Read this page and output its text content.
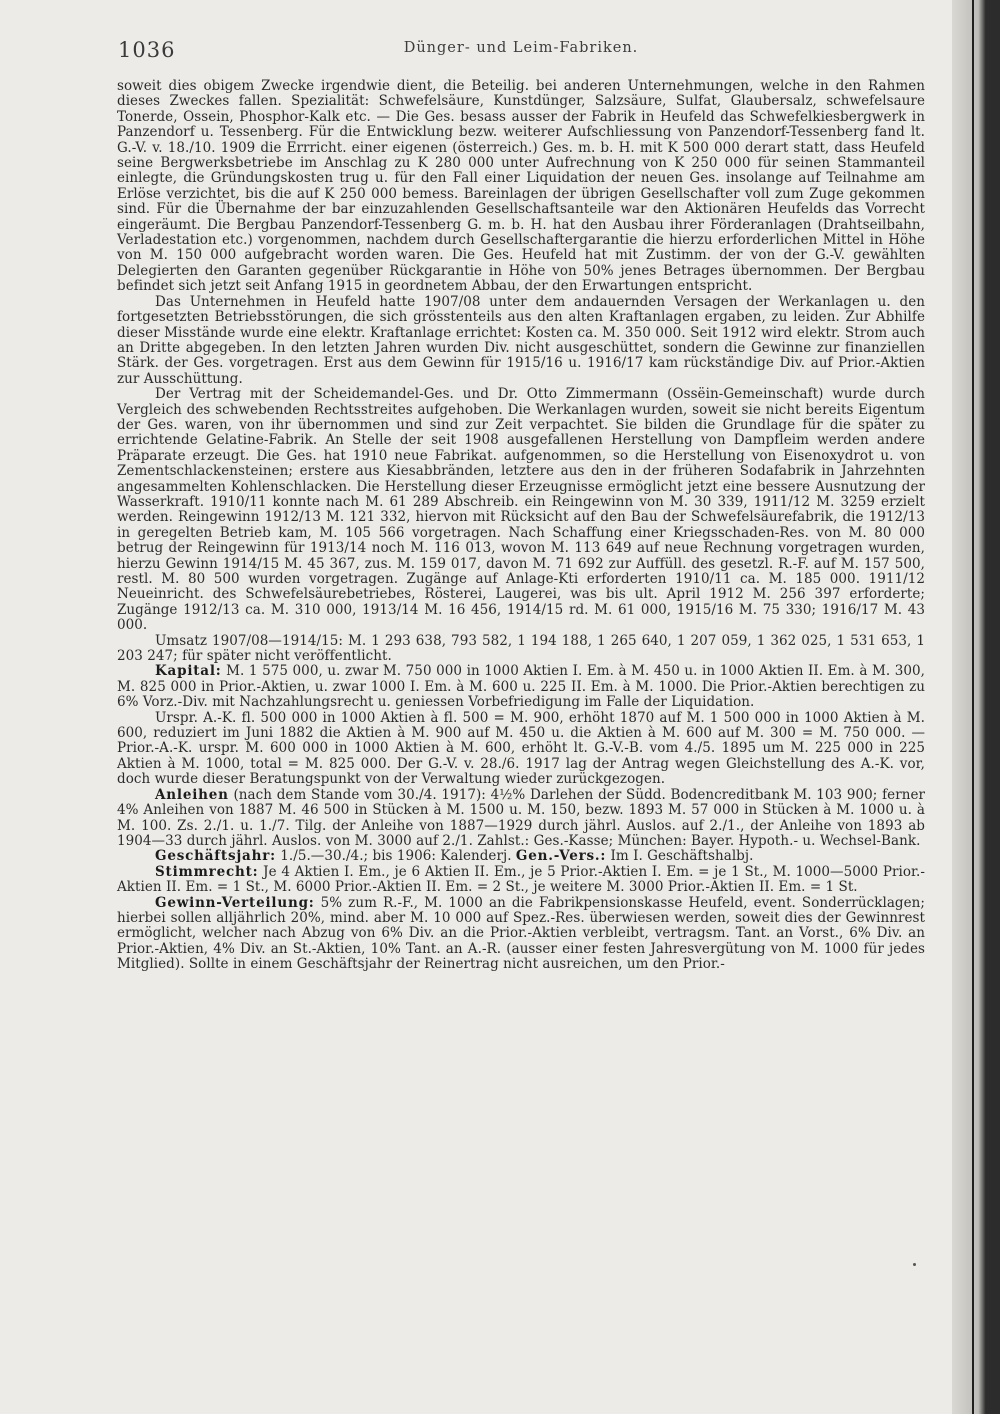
1036	Dünger- und Leim-Fabriken.

soweit dies obigem Zwecke irgendwie dient, die Beteilig. bei anderen Unternehmungen, welche in den Rahmen dieses Zweckes fallen. Spezialität: Schwefelsäure, Kunstdünger, Salzsäure, Sulfat, Glaubersalz, schwefelsaure Tonerde, Ossein, Phosphor-Kalk etc. — Die Ges. besass ausser der Fabrik in Heufeld das Schwefelkiesbergwerk in Panzendorf u. Tessenberg. Für die Entwicklung bezw. weiterer Aufschliessung von Panzendorf-Tessenberg fand lt. G.-V. v. 18./10. 1909 die Errricht. einer eigenen (österreich.) Ges. m. b. H. mit K 500 000 derart statt, dass Heufeld seine Bergwerksbetriebe im Anschlag zu K 280 000 unter Aufrechnung von K 250 000 für seinen Stammanteil einlegte, die Gründungskosten trug u. für den Fall einer Liquidation der neuen Ges. insolange auf Teilnahme am Erlöse verzichtet, bis die auf K 250 000 bemess. Bareinlagen der übrigen Gesellschafter voll zum Zuge gekommen sind. Für die Übernahme der bar einzuzahlenden Gesellschaftsanteile war den Aktionären Heufelds das Vorrecht eingeräumt. Die Bergbau Panzendorf-Tessenberg G. m. b. H. hat den Ausbau ihrer Förderanlagen (Drahtseilbahn, Verladestation etc.) vorgenommen, nachdem durch Gesellschaftergarantie die hierzu erforderlichen Mittel in Höhe von M. 150 000 aufgebracht worden waren. Die Ges. Heufeld hat mit Zustimm. der von der G.-V. gewählten Delegierten den Garanten gegenüber Rückgarantie in Höhe von 50% jenes Betrages übernommen. Der Bergbau befindet sich jetzt seit Anfang 1915 in geordnetem Abbau, der den Erwartungen entspricht.

Das Unternehmen in Heufeld hatte 1907/08 unter dem andauernden Versagen der Werkanlagen u. den fortgesetzten Betriebsstörungen, die sich grösstenteils aus den alten Kraftanlagen ergaben, zu leiden. Zur Abhilfe dieser Misstände wurde eine elektr. Kraftanlage errichtet: Kosten ca. M. 350 000. Seit 1912 wird elektr. Strom auch an Dritte abgegeben. In den letzten Jahren wurden Div. nicht ausgeschüttet, sondern die Gewinne zur finanziellen Stärk. der Ges. vorgetragen. Erst aus dem Gewinn für 1915/16 u. 1916/17 kam rückständige Div. auf Prior.-Aktien zur Ausschüttung.

Der Vertrag mit der Scheidemandel-Ges. und Dr. Otto Zimmermann (Ossëin-Gemeinschaft) wurde durch Vergleich des schwebenden Rechtsstreites aufgehoben. Die Werkanlagen wurden, soweit sie nicht bereits Eigentum der Ges. waren, von ihr übernommen und sind zur Zeit verpachtet. Sie bilden die Grundlage für die später zu errichtende Gelatine-Fabrik. An Stelle der seit 1908 ausgefallenen Herstellung von Dampfleim werden andere Präparate erzeugt. Die Ges. hat 1910 neue Fabrikat. aufgenommen, so die Herstellung von Eisenoxydrot u. von Zementschlackensteinen; erstere aus Kiesabbränden, letztere aus den in der früheren Sodafabrik in Jahrzehnten angesammelten Kohlenschlacken. Die Herstellung dieser Erzeugnisse ermöglicht jetzt eine bessere Ausnutzung der Wasserkraft. 1910/11 konnte nach M. 61 289 Abschreib. ein Reingewinn von M. 30 339, 1911/12 M. 3259 erzielt werden. Reingewinn 1912/13 M. 121 332, hiervon mit Rücksicht auf den Bau der Schwefelsäurefabrik, die 1912/13 in geregelten Betrieb kam, M. 105 566 vorgetragen. Nach Schaffung einer Kriegsschaden-Res. von M. 80 000 betrug der Reingewinn für 1913/14 noch M. 116 013, wovon M. 113 649 auf neue Rechnung vorgetragen wurden, hierzu Gewinn 1914/15 M. 45 367, zus. M. 159 017, davon M. 71 692 zur Auffüll. des gesetzl. R.-F. auf M. 157 500, restl. M. 80 500 wurden vorgetragen. Zugänge auf Anlage-Kti erforderten 1910/11 ca. M. 185 000. 1911/12 Neueinricht. des Schwefelsäurebetriebes, Rösterei, Laugerei, was bis ult. April 1912 M. 256 397 erforderte; Zugänge 1912/13 ca. M. 310 000, 1913/14 M. 16 456, 1914/15 rd. M. 61 000, 1915/16 M. 75 330; 1916/17 M. 43 000.

Umsatz 1907/08—1914/15: M. 1 293 638, 793 582, 1 194 188, 1 265 640, 1 207 059, 1 362 025, 1 531 653, 1 203 247; für später nicht veröffentlicht.

Kapital: M. 1 575 000, u. zwar M. 750 000 in 1000 Aktien I. Em. à M. 450 u. in 1000 Aktien II. Em. à M. 300, M. 825 000 in Prior.-Aktien, u. zwar 1000 I. Em. à M. 600 u. 225 II. Em. à M. 1000. Die Prior.-Aktien berechtigen zu 6% Vorz.-Div. mit Nachzahlungsrecht u. geniessen Vorbefriedigung im Falle der Liquidation.

Urspr. A.-K. fl. 500 000 in 1000 Aktien à fl. 500 = M. 900, erhöht 1870 auf M. 1 500 000 in 1000 Aktien à M. 600, reduziert im Juni 1882 die Aktien à M. 900 auf M. 450 u. die Aktien à M. 600 auf M. 300 = M. 750 000. — Prior.-A.-K. urspr. M. 600 000 in 1000 Aktien à M. 600, erhöht lt. G.-V.-B. vom 4./5. 1895 um M. 225 000 in 225 Aktien à M. 1000, total = M. 825 000. Der G.-V. v. 28./6. 1917 lag der Antrag wegen Gleichstellung des A.-K. vor, doch wurde dieser Beratungspunkt von der Verwaltung wieder zurückgezogen.

Anleihen (nach dem Stande vom 30./4. 1917): 4½% Darlehen der Südd. Bodencreditbank M. 103 900; ferner 4% Anleihen von 1887 M. 46 500 in Stücken à M. 1500 u. M. 150, bezw. 1893 M. 57 000 in Stücken à M. 1000 u. à M. 100. Zs. 2./1. u. 1./7. Tilg. der Anleihe von 1887—1929 durch jährl. Auslos. auf 2./1., der Anleihe von 1893 ab 1904—33 durch jährl. Auslos. von M. 3000 auf 2./1. Zahlst.: Ges.-Kasse; München: Bayer. Hypoth.- u. Wechsel-Bank.

Geschäftsjahr: 1./5.—30./4.; bis 1906: Kalenderj. Gen.-Vers.: Im I. Geschäftshalbj.

Stimmrecht: Je 4 Aktien I. Em., je 6 Aktien II. Em., je 5 Prior.-Aktien I. Em. = je 1 St., M. 1000—5000 Prior.-Aktien II. Em. = 1 St., M. 6000 Prior.-Aktien II. Em. = 2 St., je weitere M. 3000 Prior.-Aktien II. Em. = 1 St.

Gewinn-Verteilung: 5% zum R.-F., M. 1000 an die Fabrikpensionskasse Heufeld, event. Sonderrücklagen; hierbei sollen alljährlich 20%, mind. aber M. 10 000 auf Spez.-Res. überwiesen werden, soweit dies der Gewinnrest ermöglicht, welcher nach Abzug von 6% Div. an die Prior.-Aktien verbleibt, vertragsm. Tant. an Vorst., 6% Div. an Prior.-Aktien, 4% Div. an St.-Aktien, 10% Tant. an A.-R. (ausser einer festen Jahresvergütung von M. 1000 für jedes Mitglied). Sollte in einem Geschäftsjahr der Reinertrag nicht ausreichen, um den Prior.-
